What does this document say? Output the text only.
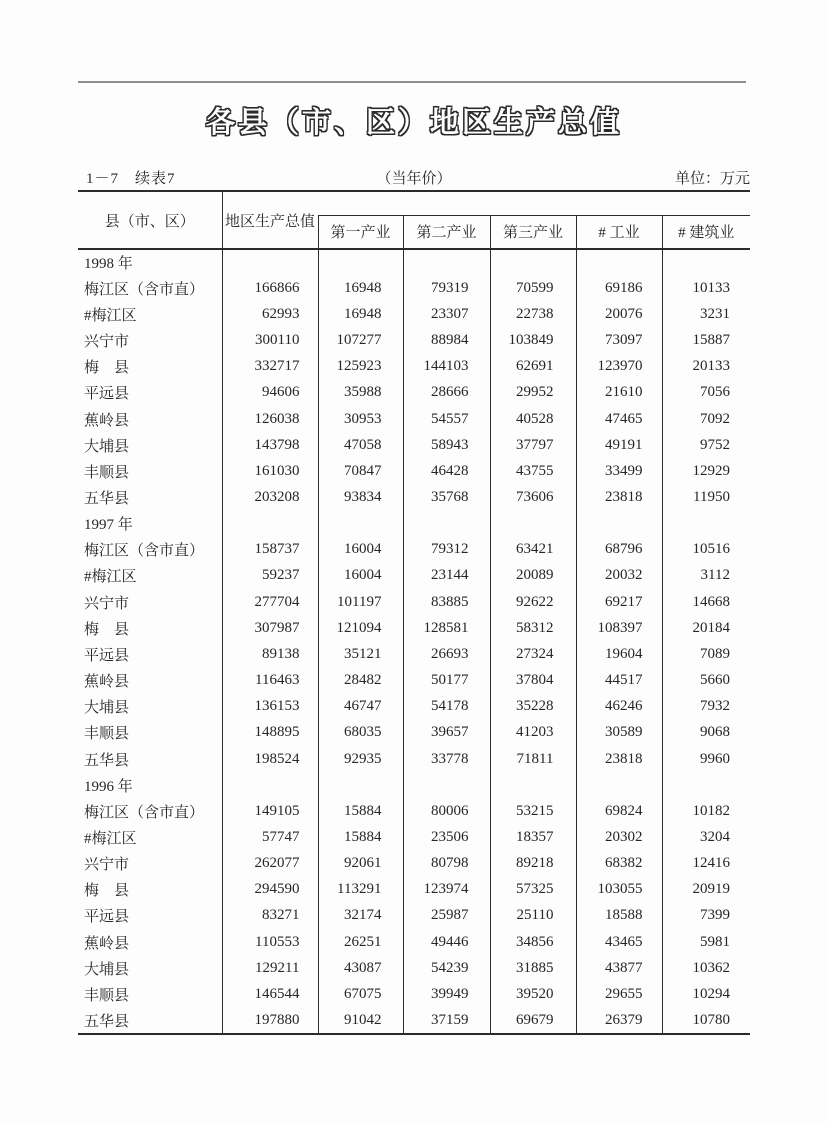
各县（市、区）地区生产总值
1－7　续表7	（当年价）	单位：万元
县（市、区）	地区生产总值					
		第一产业	第二产业	第三产业	# 工业	# 建筑业
1998 年						
梅江区（含市直）	166866	16948	79319	70599	69186	10133
#梅江区	62993	16948	23307	22738	20076	3231
兴宁市	300110	107277	88984	103849	73097	15887
梅　县	332717	125923	144103	62691	123970	20133
平远县	94606	35988	28666	29952	21610	7056
蕉岭县	126038	30953	54557	40528	47465	7092
大埔县	143798	47058	58943	37797	49191	9752
丰顺县	161030	70847	46428	43755	33499	12929
五华县	203208	93834	35768	73606	23818	11950
1997 年						
梅江区（含市直）	158737	16004	79312	63421	68796	10516
#梅江区	59237	16004	23144	20089	20032	3112
兴宁市	277704	101197	83885	92622	69217	14668
梅　县	307987	121094	128581	58312	108397	20184
平远县	89138	35121	26693	27324	19604	7089
蕉岭县	116463	28482	50177	37804	44517	5660
大埔县	136153	46747	54178	35228	46246	7932
丰顺县	148895	68035	39657	41203	30589	9068
五华县	198524	92935	33778	71811	23818	9960
1996 年						
梅江区（含市直）	149105	15884	80006	53215	69824	10182
#梅江区	57747	15884	23506	18357	20302	3204
兴宁市	262077	92061	80798	89218	68382	12416
梅　县	294590	113291	123974	57325	103055	20919
平远县	83271	32174	25987	25110	18588	7399
蕉岭县	110553	26251	49446	34856	43465	5981
大埔县	129211	43087	54239	31885	43877	10362
丰顺县	146544	67075	39949	39520	29655	10294
五华县	197880	91042	37159	69679	26379	10780
